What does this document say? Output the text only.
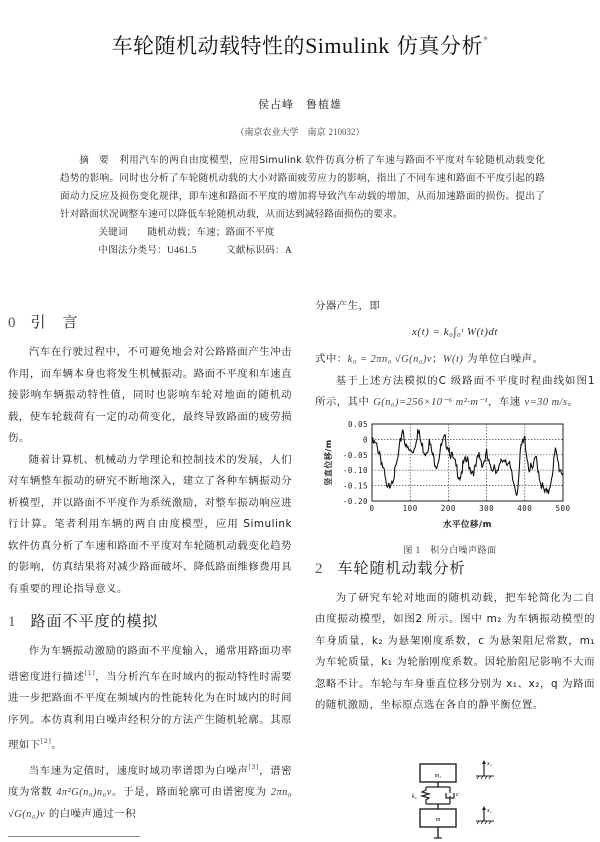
车轮随机动载特性的Simulink 仿真分析*
侯占峰　鲁植雄
（南京农业大学　南京 210032）

摘　要 利用汽车的两自由度模型，应用Simulink 软件仿真分析了车速与路面不平度对车轮随机动载变化趋势的影响。同时也分析了车轮随机动载的大小对路面疲劳应力的影响，指出了不同车速和路面不平度引起的路面动力反应及损伤变化规律，即车速和路面不平度的增加将导致汽车动载的增加，从而加速路面的损伤。提出了针对路面状况调整车速可以降低车轮随机动载，从而达到减轻路面损伤的要求。

关键词　　 随机动载；车速；路面不平度

中图法分类号：U461.5　　　	文献标识码：A

0 引　言

汽车在行驶过程中，不可避免地会对公路路面产生冲击作用，而车辆本身也将发生机械振动。路面不平度和车速直接影响车辆振动特性值，同时也影响车轮对地面的随机动载，使车轮载荷有一定的动荷变化，最终导致路面的疲劳损伤。

随着计算机、机械动力学理论和控制技术的发展，人们对车辆整车振动的研究不断地深入，建立了各种车辆振动分析模型，并以路面不平度作为系统激励，对整车振动响应进行计算。笔者利用车辆的两自由度模型，应用 Simulink 软件仿真分析了车速和路面不平度对车轮随机动载变化趋势的影响，仿真结果将对减少路面破坏、降低路面维修费用具有重要的理论指导意义。

1 路面不平度的模拟

作为车辆振动激励的路面不平度输入，通常用路面功率谱密度进行描述[1]，当分析汽车在时域内的振动特性时需要进一步把路面不平度在频域内的性能转化为在时域内的时间序列。本仿真利用白噪声经积分的方法产生随机轮廓。其原理如下[2]。

当车速为定值时，速度时域功率谱即为白噪声[3]，谱密度为常数 4π²G(n₀)n₀v。于是，路面轮廓可由谱密度为 2πn₀ √G(n₀)v 的白噪声通过一积

分器产生，即

x(t) = k₀∫₀ᵗ W(t)dt

式中：k₀ = 2πn₀ √G(n₀)v；W(t) 为单位白噪声。

基于上述方法模拟的C 级路面不平度时程曲线如图1 所示，其中 G(n₀)=256×10⁻⁶ m²·m⁻¹，车速 v=30 m/s。

0.05
0
-0.05
-0.10
-0.15
-0.20
0	100	200	300	400	500
水平位移/m
竖直位移/m
图 1　 积分白噪声路面
2 车轮随机动载分析

为了研究车轮对地面的随机动载，把车轮简化为二自由度振动模型，如图2 所示。图中 m₂ 为车辆振动模型的车身质量，k₂ 为悬架刚度系数，c 为悬架阻尼常数，m₁ 为车轮质量，k₁ 为轮胎刚度系数。因轮胎阻尼影响不大而忽略不计。车轮与车身垂直位移分别为 x₁、x₂，q 为路面的随机激励，坐标原点选在各自的静平衡位置。

m₂
k₂	c
m
x₂
x₁
